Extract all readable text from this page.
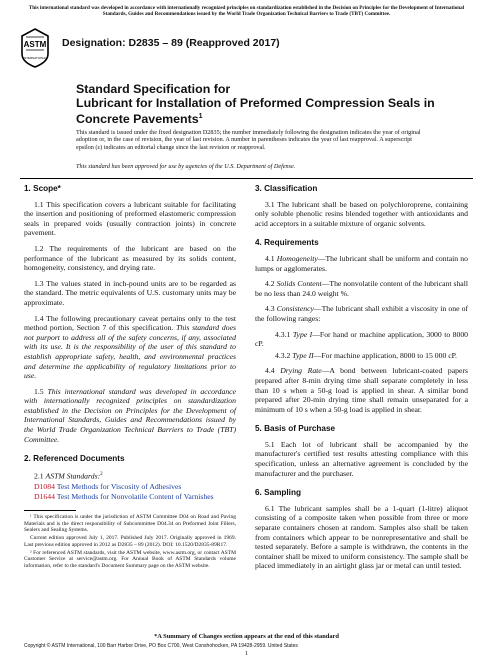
This international standard was developed in accordance with internationally recognized principles on standardization established in the Decision on Principles for the Development of International Standards, Guides and Recommendations issued by the World Trade Organization Technical Barriers to Trade (TBT) Committee.
ASTM
INTERNATIONAL
Designation: D2835 – 89 (Reapproved 2017)
Standard Specification for
Lubricant for Installation of Preformed Compression Seals in Concrete Pavements$^1$
This standard is issued under the fixed designation D2835; the number immediately following the designation indicates the year of original adoption or, in the case of revision, the year of last revision. A number in parentheses indicates the year of last reapproval. A superscript epsilon (ε) indicates an editorial change since the last revision or reapproval.
This standard has been approved for use by agencies of the U.S. Department of Defense.
1. Scope*

1.1 This specification covers a lubricant suitable for facilitating the insertion and positioning of preformed elastomeric compression seals in prepared voids (usually contraction joints) in concrete pavement.

1.2 The requirements of the lubricant are based on the performance of the lubricant as measured by its solids content, homogeneity, consistency, and drying rate.

1.3 The values stated in inch-pound units are to be regarded as the standard. The metric equivalents of U.S. customary units may be approximate.

1.4 The following precautionary caveat pertains only to the test method portion, Section 7 of this specification. This standard does not purport to address all of the safety concerns, if any, associated with its use. It is the responsibility of the user of this standard to establish appropriate safety, health, and environmental practices and determine the applicability of regulatory limitations prior to use.

1.5 This international standard was developed in accordance with internationally recognized principles on standardization established in the Decision on Principles for the Development of International Standards, Guides and Recommendations issued by the World Trade Organization Technical Barriers to Trade (TBT) Committee.

2. Referenced Documents

2.1 ASTM Standards:$^2$

D1084 Test Methods for Viscosity of Adhesives
D1644 Test Methods for Nonvolatile Content of Varnishes

¹ This specification is under the jurisdiction of ASTM Committee D04 on Road and Paving Materials and is the direct responsibility of Subcommittee D04.34 on Preformed Joint Fillers, Sealers and Sealing Systems.

Current edition approved July 1, 2017. Published July 2017. Originally approved in 1969. Last previous edition approved in 2012 as D2835 – 89 (2012). DOI: 10.1520/D2835-89R17.

² For referenced ASTM standards, visit the ASTM website, www.astm.org, or contact ASTM Customer Service at service@astm.org. For Annual Book of ASTM Standards volume information, refer to the standard's Document Summary page on the ASTM website.

3. Classification

3.1 The lubricant shall be based on polychloroprene, containing only soluble phenolic resins blended together with antioxidants and acid acceptors in a suitable mixture of organic solvents.

4. Requirements

4.1 Homogeneity—The lubricant shall be uniform and contain no lumps or agglomerates.

4.2 Solids Content—The nonvolatile content of the lubricant shall be no less than 24.0 weight %.

4.3 Consistency—The lubricant shall exhibit a viscosity in one of the following ranges:

4.3.1 Type I—For hand or machine application, 3000 to 8000 cP.

4.3.2 Type II—For machine application, 8000 to 15 000 cP.

4.4 Drying Rate—A bond between lubricant-coated papers prepared after 8-min drying time shall separate completely in less than 10 s when a 50-g load is applied in shear. A similar bond prepared after 20-min drying time shall remain unseparated for a minimum of 10 s when a 50-g load is applied in shear.

5. Basis of Purchase

5.1 Each lot of lubricant shall be accompanied by the manufacturer's certified test results attesting compliance with this specification, unless an alternative agreement is concluded by the manufacturer and the purchaser.

6. Sampling

6.1 The lubricant samples shall be a 1-quart (1-litre) aliquot consisting of a composite taken when possible from three or more separate containers chosen at random. Samples also shall be taken from containers which appear to be nonrepresentative and shall be tested separately. Before a sample is withdrawn, the contents in the container shall be mixed to uniform consistency. The sample shall be placed immediately in an airtight glass jar or metal can until tested.

*A Summary of Changes section appears at the end of this standard
Copyright © ASTM International, 100 Barr Harbor Drive, PO Box C700, West Conshohocken, PA 19428-2959. United States
1
